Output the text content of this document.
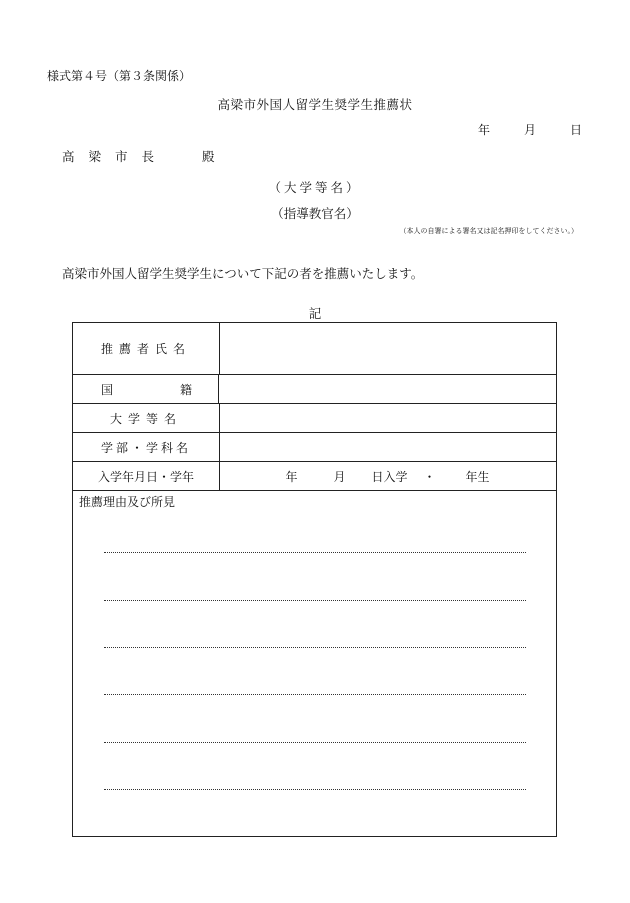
様式第４号（第３条関係）
高梁市外国人留学生奨学生推薦状
年	月	日
高梁市長	殿
（大学等名）
（指導教官名）
（本人の自署による署名又は記名押印をしてください。）
高梁市外国人留学生奨学生について下記の者を推薦いたします。
記
推薦者氏名
国	籍
大学等名
学部・学科名
入学年月日・学年	年	月 日入学 ・	年生
推薦理由及び所見
